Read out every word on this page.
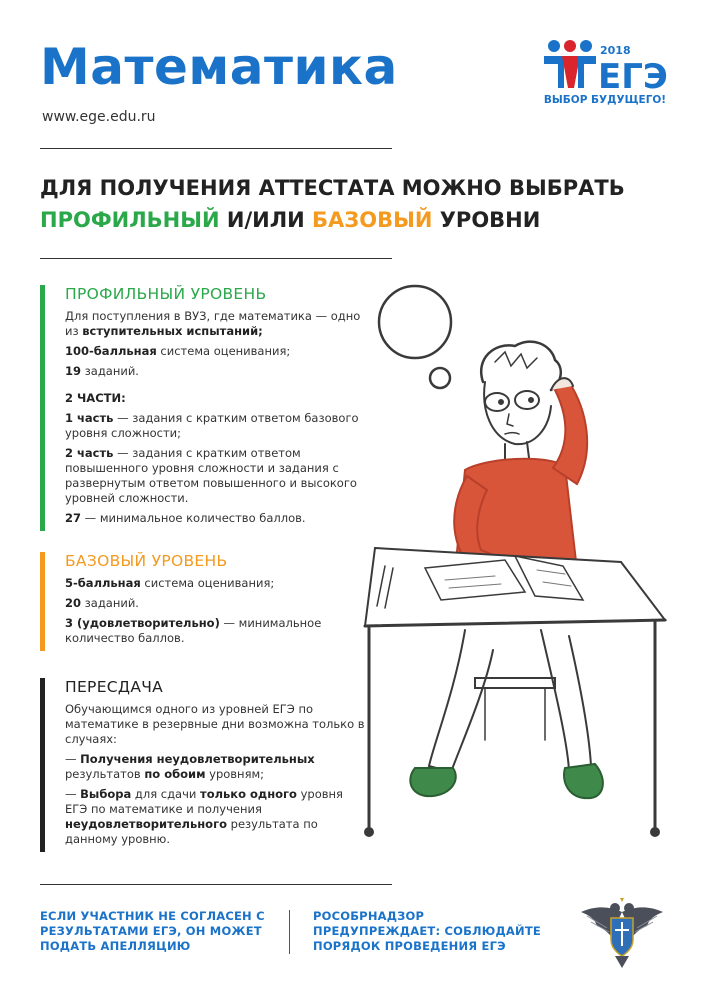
Математика
www.ege.edu.ru
2018
ЕГЭ
ВЫБОР БУДУЩЕГО!
ДЛЯ ПОЛУЧЕНИЯ АТТЕСТАТА МОЖНО ВЫБРАТЬ
ПРОФИЛЬНЫЙ И/ИЛИ БАЗОВЫЙ УРОВНИ
ПРОФИЛЬНЫЙ УРОВЕНЬ

Для поступления в ВУЗ, где математика — одно из вступительных испытаний;

100-балльная система оценивания;

19 заданий.

2 ЧАСТИ:

1 часть — задания с кратким ответом базового уровня сложности;

2 часть — задания с кратким ответом повышенного уровня сложности и задания с развернутым ответом повышенного и высокого уровней сложности.

27 — минимальное количество баллов.

БАЗОВЫЙ УРОВЕНЬ

5-балльная система оценивания;

20 заданий.

3 (удовлетворительно) — минимальное количество баллов.

ПЕРЕСДАЧА

Обучающимся одного из уровней ЕГЭ по математике в резервные дни возможна только в случаях:

— Получения неудовлетворительных результатов по обоим уровням;

— Выбора для сдачи только одного уровня ЕГЭ по математике и получения неудовлетворительного результата по данному уровню.

ЕСЛИ УЧАСТНИК НЕ СОГЛАСЕН С РЕЗУЛЬТАТАМИ ЕГЭ, ОН МОЖЕТ ПОДАТЬ АПЕЛЛЯЦИЮ
РОСОБРНАДЗОР ПРЕДУПРЕЖДАЕТ: СОБЛЮДАЙТЕ ПОРЯДОК ПРОВЕДЕНИЯ ЕГЭ
